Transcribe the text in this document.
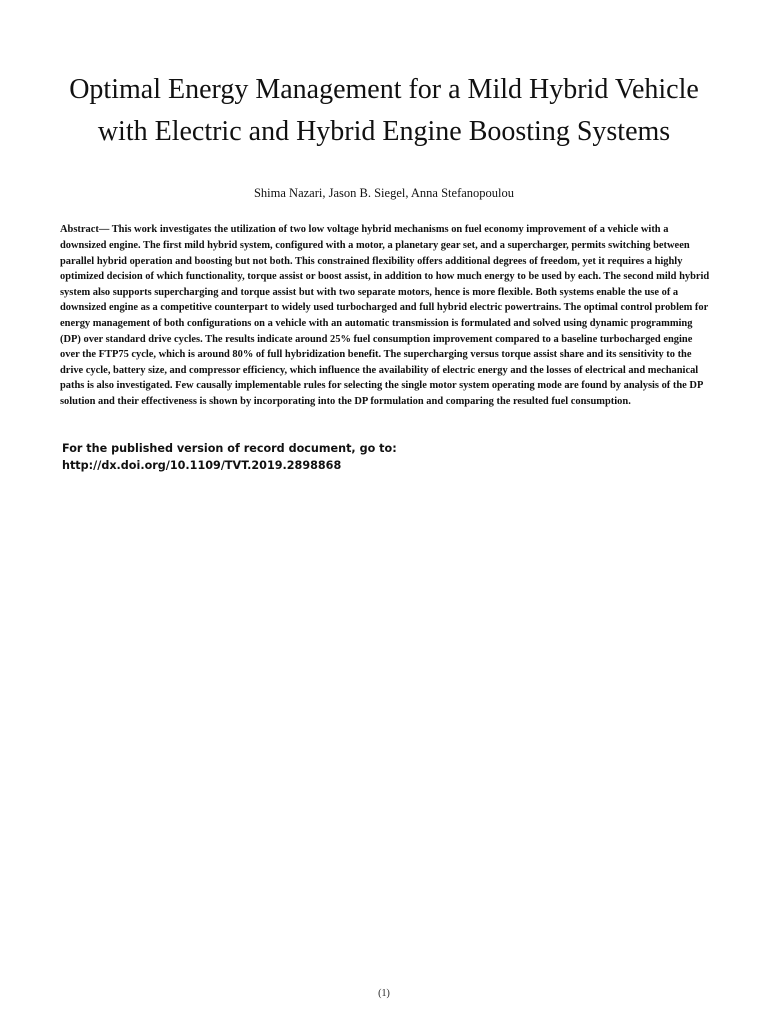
Optimal Energy Management for a Mild Hybrid Vehicle with Electric and Hybrid Engine Boosting Systems
Shima Nazari, Jason B. Siegel, Anna Stefanopoulou

Abstract— This work investigates the utilization of two low voltage hybrid mechanisms on fuel economy improvement of a vehicle with a downsized engine. The first mild hybrid system, configured with a motor, a planetary gear set, and a supercharger, permits switching between parallel hybrid operation and boosting but not both. This constrained flexibility offers additional degrees of freedom, yet it requires a highly optimized decision of which functionality, torque assist or boost assist, in addition to how much energy to be used by each. The second mild hybrid system also supports supercharging and torque assist but with two separate motors, hence is more flexible. Both systems enable the use of a downsized engine as a competitive counterpart to widely used turbocharged and full hybrid electric powertrains. The optimal control problem for energy management of both configurations on a vehicle with an automatic transmission is formulated and solved using dynamic programming (DP) over standard drive cycles. The results indicate around 25% fuel consumption improvement compared to a baseline turbocharged engine over the FTP75 cycle, which is around 80% of full hybridization benefit. The supercharging versus torque assist share and its sensitivity to the drive cycle, battery size, and compressor efficiency, which influence the availability of electric energy and the losses of electrical and mechanical paths is also investigated. Few causally implementable rules for selecting the single motor system operating mode are found by analysis of the DP solution and their effectiveness is shown by incorporating into the DP formulation and comparing the resulted fuel consumption.

For the published version of record document, go to:
http://dx.doi.org/10.1109/TVT.2019.2898868
(1)
